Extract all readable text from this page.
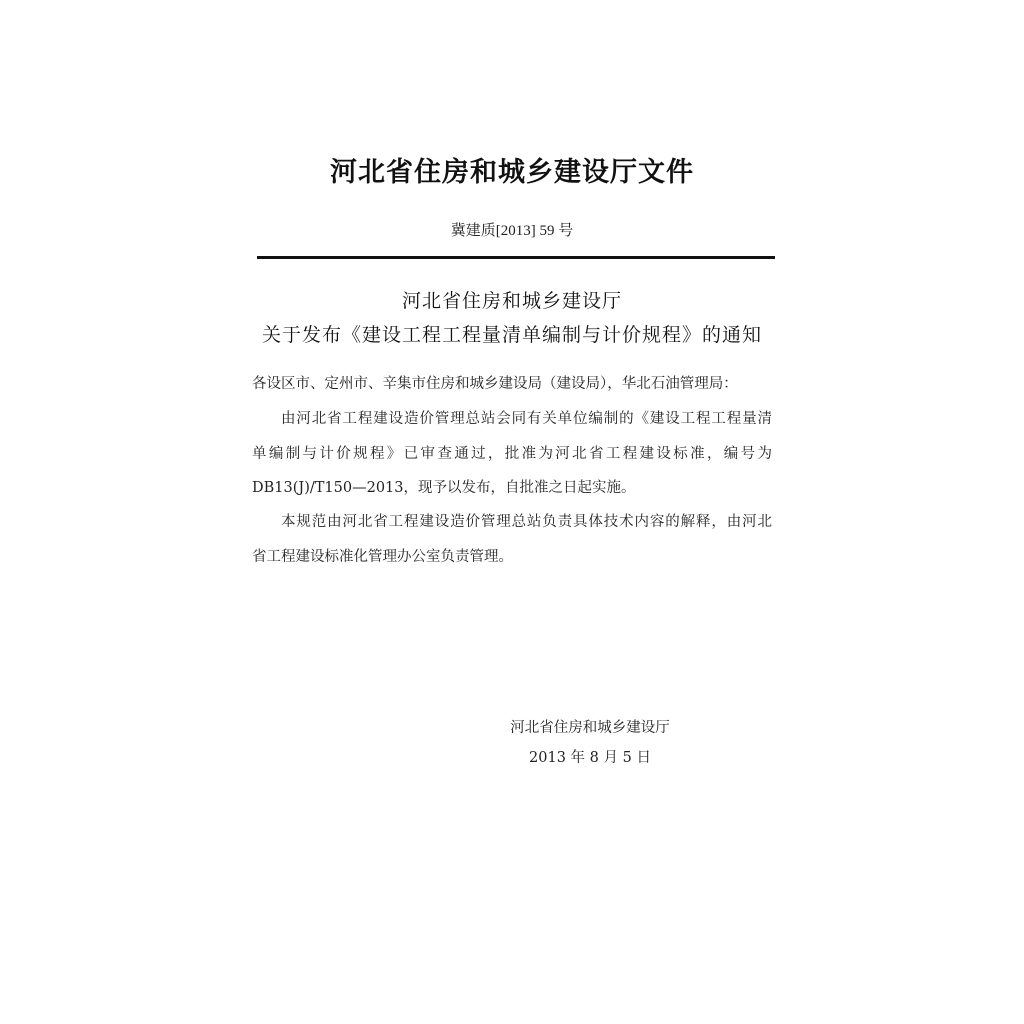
河北省住房和城乡建设厅文件
冀建质[2013] 59 号
河北省住房和城乡建设厅
关于发布《建设工程工程量清单编制与计价规程》的通知
各设区市、定州市、辛集市住房和城乡建设局（建设局），华北石油管理局：
由河北省工程建设造价管理总站会同有关单位编制的《建设工程工程量清
单编制与计价规程》已审查通过，批准为河北省工程建设标准，编号为
DB13(J)/T150—2013，现予以发布，自批准之日起实施。
本规范由河北省工程建设造价管理总站负责具体技术内容的解释，由河北
省工程建设标准化管理办公室负责管理。
河北省住房和城乡建设厅
2013 年 8 月 5 日
